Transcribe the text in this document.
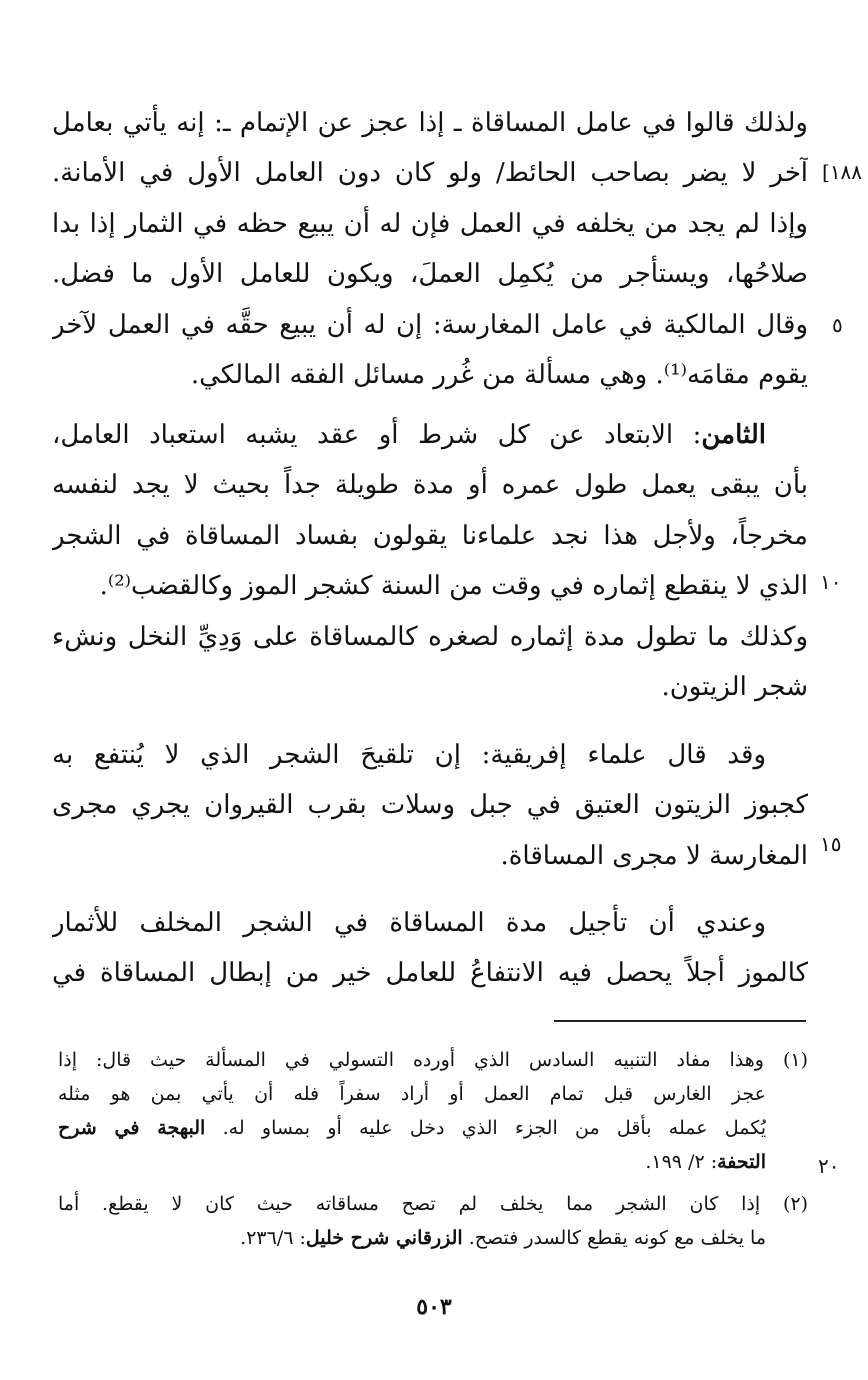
[١٨٨
٥
١٠
١٥
٢٠
ولذلك قالوا في عامل المساقاة ـ إذا عجز عن الإتمام ـ: إنه يأتي بعامل
آخر لا يضر بصاحب الحائط/ ولو كان دون العامل الأول في الأمانة.
وإذا لم يجد من يخلفه في العمل فإن له أن يبيع حظه في الثمار إذا بدا
صلاحُها، ويستأجر من يُكمِل العملَ، ويكون للعامل الأول ما فضل.
وقال المالكية في عامل المغارسة: إن له أن يبيع حقَّه في العمل لآخر
يقوم مقامَه⁽¹⁾. وهي مسألة من غُرر مسائل الفقه المالكي.
الثامن: الابتعاد عن كل شرط أو عقد يشبه استعباد العامل،
بأن يبقى يعمل طول عمره أو مدة طويلة جداً بحيث لا يجد لنفسه
مخرجاً، ولأجل هذا نجد علماءنا يقولون بفساد المساقاة في الشجر
الذي لا ينقطع إثماره في وقت من السنة كشجر الموز وكالقضب⁽²⁾.
وكذلك ما تطول مدة إثماره لصغره كالمساقاة على وَدِيِّ النخل ونشء
شجر الزيتون.
وقد قال علماء إفريقية: إن تلقيحَ الشجر الذي لا يُنتفع به
كجبوز الزيتون العتيق في جبل وسلات بقرب القيروان يجري مجرى
المغارسة لا مجرى المساقاة.
وعندي أن تأجيل مدة المساقاة في الشجر المخلف للأثمار
كالموز أجلاً يحصل فيه الانتفاعُ للعامل خير من إبطال المساقاة في
(١) وهذا مفاد التنبيه السادس الذي أورده التسولي في المسألة حيث قال: إذا
عجز الغارس قبل تمام العمل أو أراد سفراً فله أن يأتي بمن هو مثله
يُكمل عمله بأقل من الجزء الذي دخل عليه أو بمساو له. البهجة في شرح
التحفة: ٢/ ١٩٩.
(٢) إذا كان الشجر مما يخلف لم تصح مساقاته حيث كان لا يقطع. أما
ما يخلف مع كونه يقطع كالسدر فتصح. الزرقاني شرح خليل: ٢٣٦/٦.
٥٠٣
